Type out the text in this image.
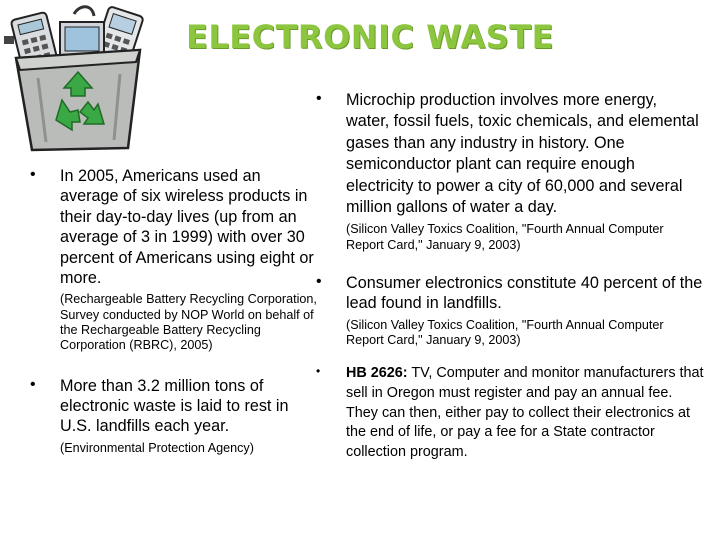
ELECTRONIC WASTE
• In 2005, Americans used an average of six wireless products in their day-to-day lives (up from an average of 3 in 1999) with over 30 percent of Americans using eight or more.
(Rechargeable Battery Recycling Corporation, Survey conducted by NOP World on behalf of the Rechargeable Battery Recycling Corporation (RBRC), 2005)
• More than 3.2 million tons of electronic waste is laid to rest in U.S. landfills each year.
(Environmental Protection Agency)
• Microchip production involves more energy, water, fossil fuels, toxic chemicals, and elemental gases than any industry in history. One semiconductor plant can require enough electricity to power a city of 60,000 and several million gallons of water a day.
(Silicon Valley Toxics Coalition, "Fourth Annual Computer Report Card," January 9, 2003)
• Consumer electronics constitute 40 percent of the lead found in landfills.
(Silicon Valley Toxics Coalition, "Fourth Annual Computer Report Card," January 9, 2003)
• HB 2626: TV, Computer and monitor manufacturers that sell in Oregon must register and pay an annual fee. They can then, either pay to collect their electronics at the end of life, or pay a fee for a State contractor collection program.
